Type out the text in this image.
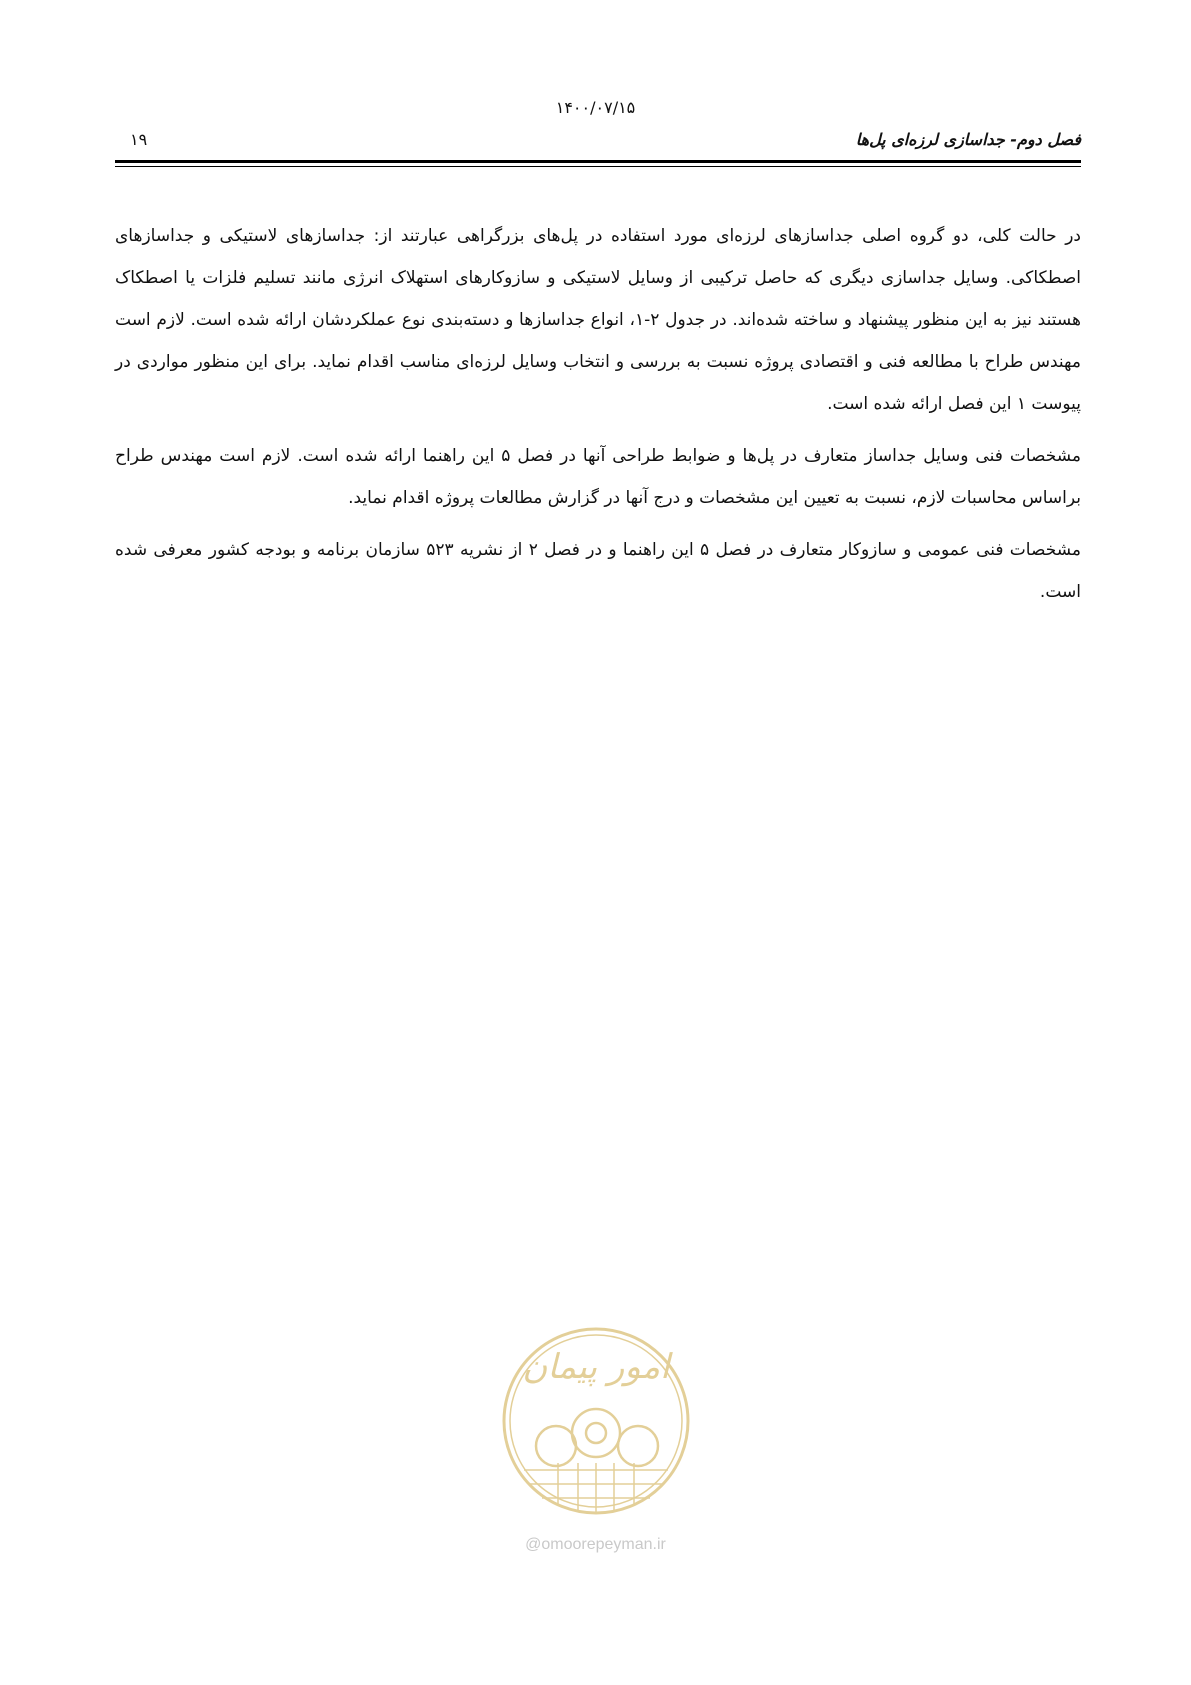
۱۴۰۰/۰۷/۱۵
فصل دوم- جداسازی لرزه‌ای پل‌ها
۱۹

در حالت کلی، دو گروه اصلی جداسازهای لرزه‌ای مورد استفاده در پل‌های بزرگراهی عبارتند از: جداسازهای لاستیکی و جداسازهای اصطکاکی. وسایل جداسازی دیگری که حاصل ترکیبی از وسایل لاستیکی و سازوکارهای استهلاک انرژی مانند تسلیم فلزات یا اصطکاک هستند نیز به این منظور پیشنهاد و ساخته شده‌اند. در جدول ۲-۱، انواع جداسازها و دسته‌بندی نوع عملکردشان ارائه شده است. لازم است مهندس طراح با مطالعه فنی و اقتصادی پروژه نسبت به بررسی و انتخاب وسایل لرزه‌ای مناسب اقدام نماید. برای این منظور مواردی در پیوست ۱ این فصل ارائه شده است.

مشخصات فنی وسایل جداساز متعارف در پل‌ها و ضوابط طراحی آنها در فصل ۵ این راهنما ارائه شده است. لازم است مهندس طراح براساس محاسبات لازم، نسبت به تعیین این مشخصات و درج آنها در گزارش مطالعات پروژه اقدام نماید.

مشخصات فنی عمومی و سازوکار متعارف در فصل ۵ این راهنما و در فصل ۲ از نشریه ۵۲۳ سازمان برنامه و بودجه کشور معرفی شده است.

امور پیمان
@omoorepeyman.ir
